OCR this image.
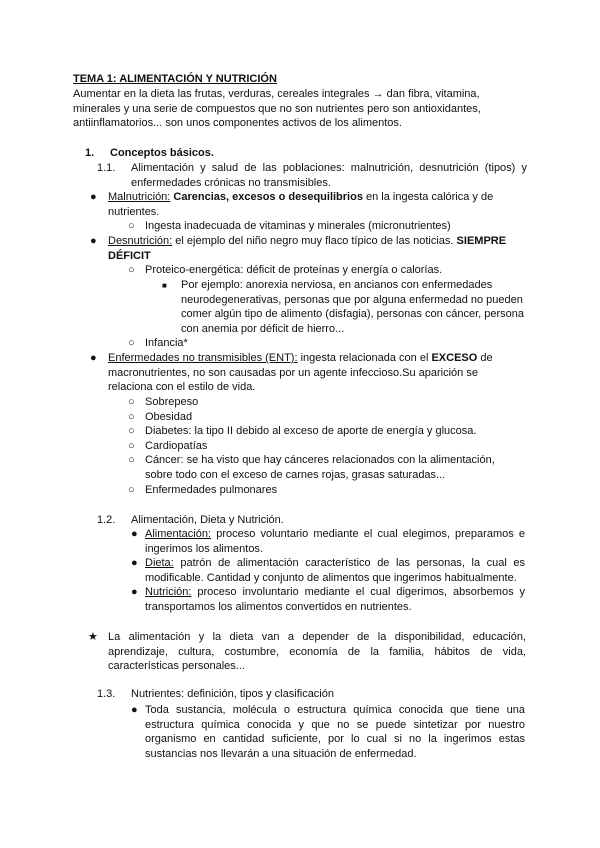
TEMA 1: ALIMENTACIÓN Y NUTRICIÓN
Aumentar en la dieta las frutas, verduras, cereales integrales → dan fibra, vitamina, minerales y una serie de compuestos que no son nutrientes pero son antioxidantes, antiinflamatorios... son unos componentes activos de los alimentos.
1. Conceptos básicos.
1.1. Alimentación y salud de las poblaciones: malnutrición, desnutrición (tipos) y enfermedades crónicas no transmisibles.
● Malnutrición: Carencias, excesos o desequilibrios en la ingesta calórica y de nutrientes.
○ Ingesta inadecuada de vitaminas y minerales (micronutrientes)
● Desnutrición: el ejemplo del niño negro muy flaco típico de las noticias. SIEMPRE DÉFICIT
○ Proteico-energética: déficit de proteínas y energía o calorías.
■ Por ejemplo: anorexia nerviosa, en ancianos con enfermedades neurodegenerativas, personas que por alguna enfermedad no pueden comer algún tipo de alimento (disfagia), personas con cáncer, persona con anemia por déficit de hierro...
○ Infancia*
● Enfermedades no transmisibles (ENT): ingesta relacionada con el EXCESO de macronutrientes, no son causadas por un agente infeccioso.Su aparición se relaciona con el estilo de vida.
○ Sobrepeso
○ Obesidad
○ Diabetes: la tipo II debido al exceso de aporte de energía y glucosa.
○ Cardiopatías
○ Cáncer: se ha visto que hay cánceres relacionados con la alimentación, sobre todo con el exceso de carnes rojas, grasas saturadas...
○ Enfermedades pulmonares
1.2. Alimentación, Dieta y Nutrición.
● Alimentación: proceso voluntario mediante el cual elegimos, preparamos e ingerimos los alimentos.
● Dieta: patrón de alimentación característico de las personas, la cual es modificable. Cantidad y conjunto de alimentos que ingerimos habitualmente.
● Nutrición: proceso involuntario mediante el cual digerimos, absorbemos y transportamos los alimentos convertidos en nutrientes.
★ La alimentación y la dieta van a depender de la disponibilidad, educación, aprendizaje, cultura, costumbre, economía de la familia, hábitos de vida, características personales...
1.3. Nutrientes: definición, tipos y clasificación
● Toda sustancia, molécula o estructura química conocida que tiene una estructura química conocida y que no se puede sintetizar por nuestro organismo en cantidad suficiente, por lo cual si no la ingerimos estas sustancias nos llevarán a una situación de enfermedad.
